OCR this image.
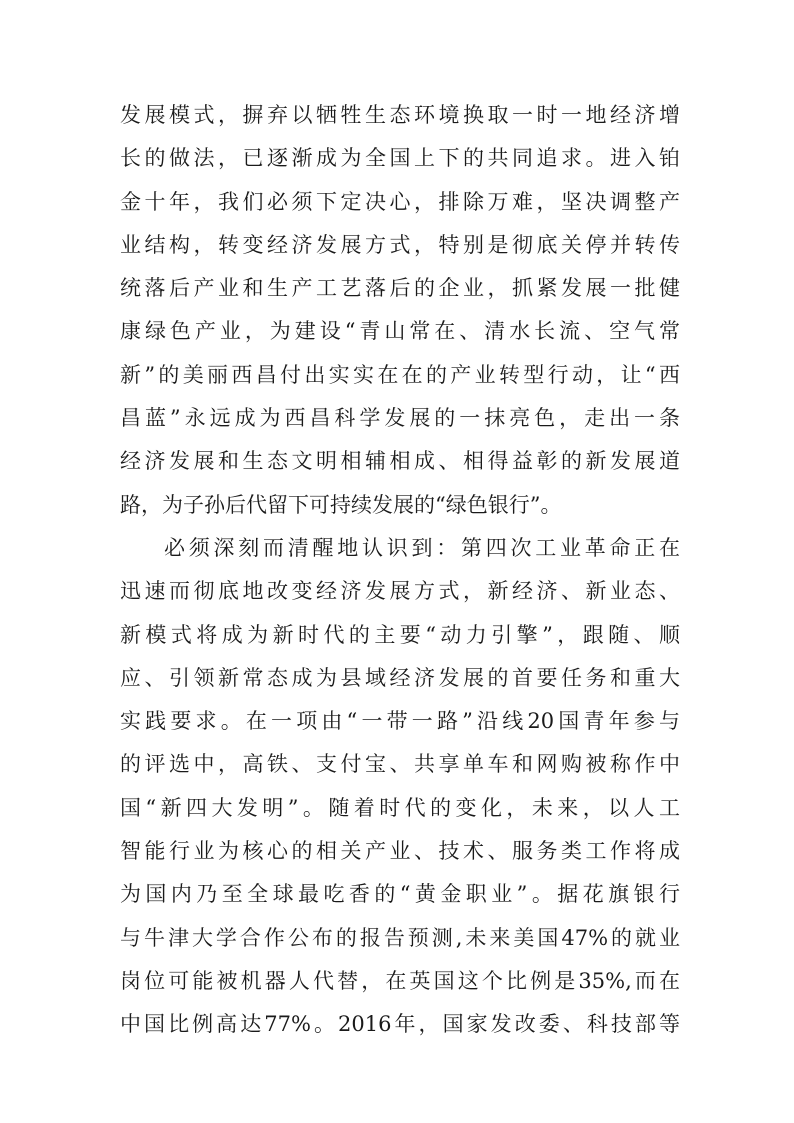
发展模式，摒弃以牺牲生态环境换取一时一地经济增
长的做法，已逐渐成为全国上下的共同追求。进入铂
金十年，我们必须下定决心，排除万难，坚决调整产
业结构，转变经济发展方式，特别是彻底关停并转传
统落后产业和生产工艺落后的企业，抓紧发展一批健
康绿色产业，为建设“青山常在、清水长流、空气常
新”的美丽西昌付出实实在在的产业转型行动，让“西
昌蓝”永远成为西昌科学发展的一抹亮色，走出一条
经济发展和生态文明相辅相成、相得益彰的新发展道
路，为子孙后代留下可持续发展的“绿色银行”。
必须深刻而清醒地认识到：第四次工业革命正在
迅速而彻底地改变经济发展方式，新经济、新业态、
新模式将成为新时代的主要“动力引擎”，跟随、顺
应、引领新常态成为县域经济发展的首要任务和重大
实践要求。在一项由“一带一路”沿线20国青年参与
的评选中，高铁、支付宝、共享单车和网购被称作中
国“新四大发明”。随着时代的变化，未来，以人工
智能行业为核心的相关产业、技术、服务类工作将成
为国内乃至全球最吃香的“黄金职业”。据花旗银行
与牛津大学合作公布的报告预测,未来美国47%的就业
岗位可能被机器人代替，在英国这个比例是35%,而在
中国比例高达77%。2016年，国家发改委、科技部等
